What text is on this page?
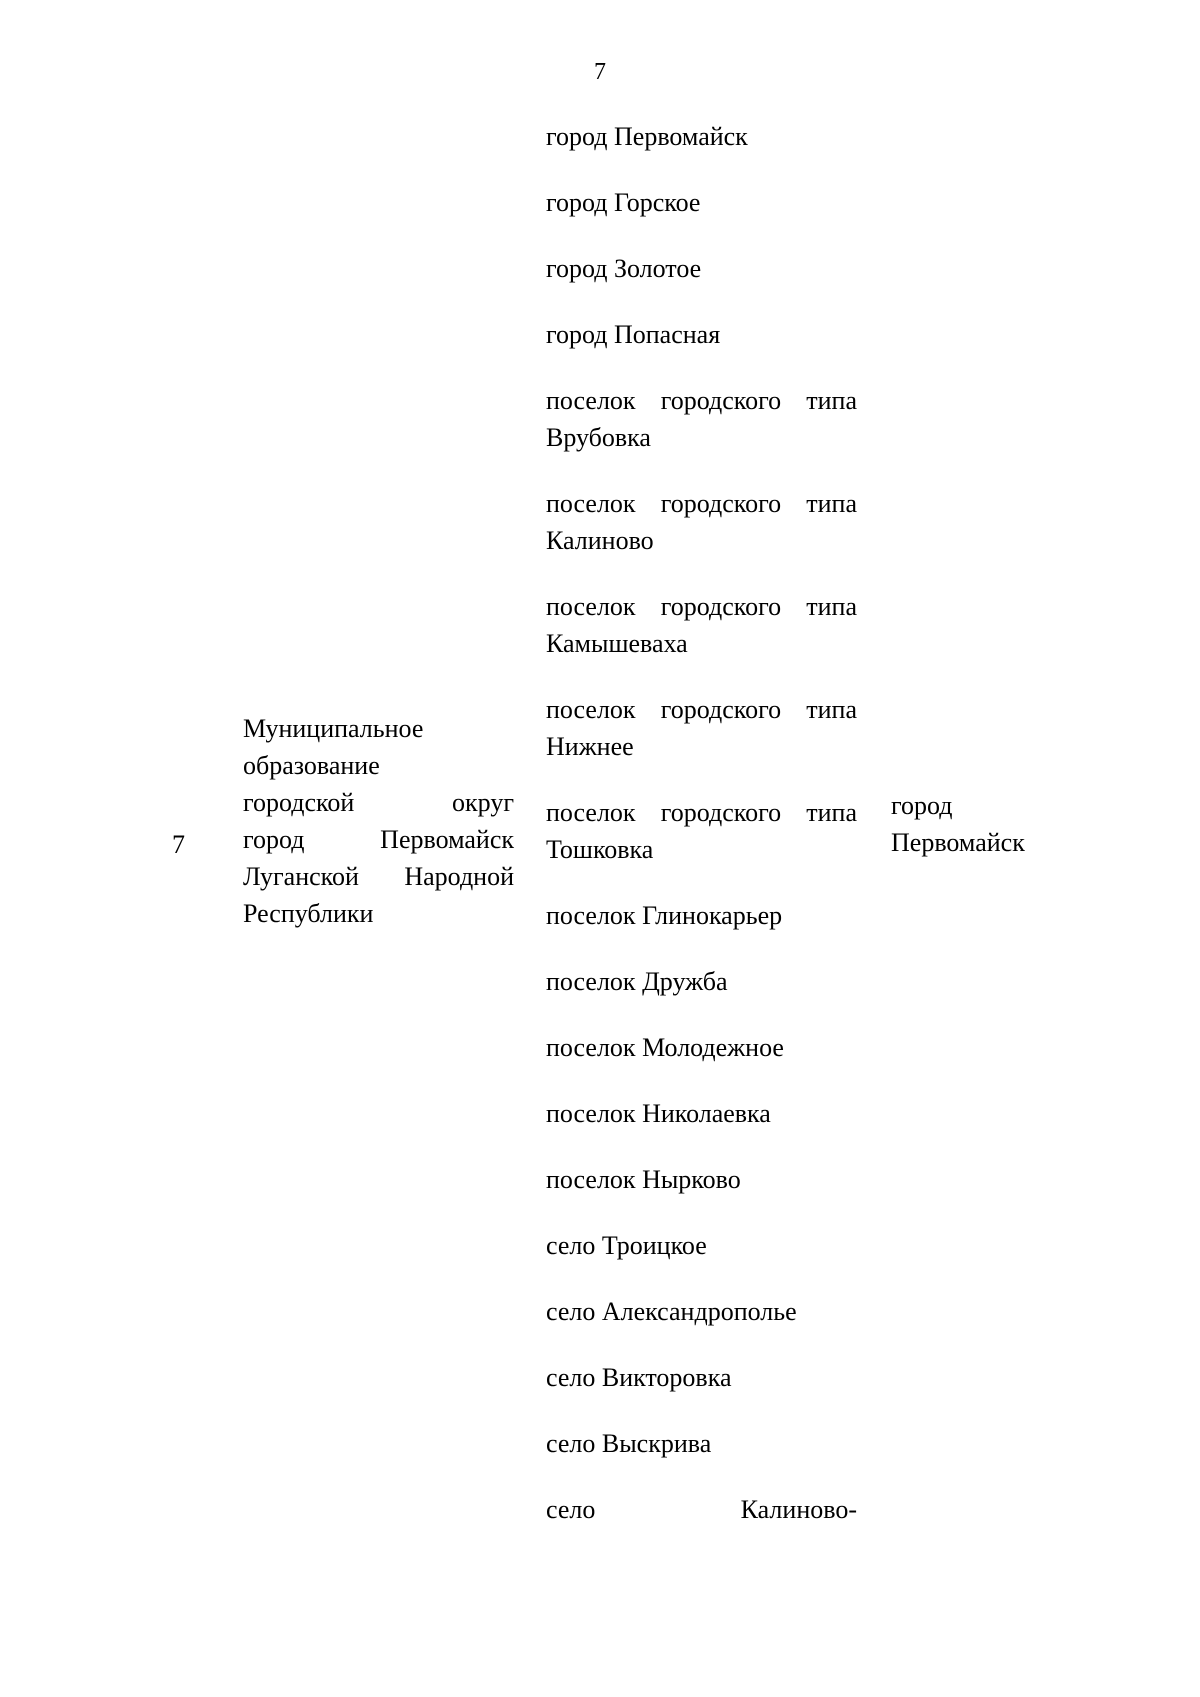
7
7
Муниципальное
образование
городской округ
город Первомайск
Луганской Народной
Республики
город Первомайск
город Горское
город Золотое
город Попасная
поселок городского типа Врубовка
поселок городского типа Калиново
поселок городского типа Камышеваха
поселок городского типа Нижнее
поселок городского типа Тошковка
поселок Глинокарьер
поселок Дружба
поселок Молодежное
поселок Николаевка
поселок Нырково
село Троицкое
село Александрополье
село Викторовка
село Выскрива
село Калиново-
город Первомайск
